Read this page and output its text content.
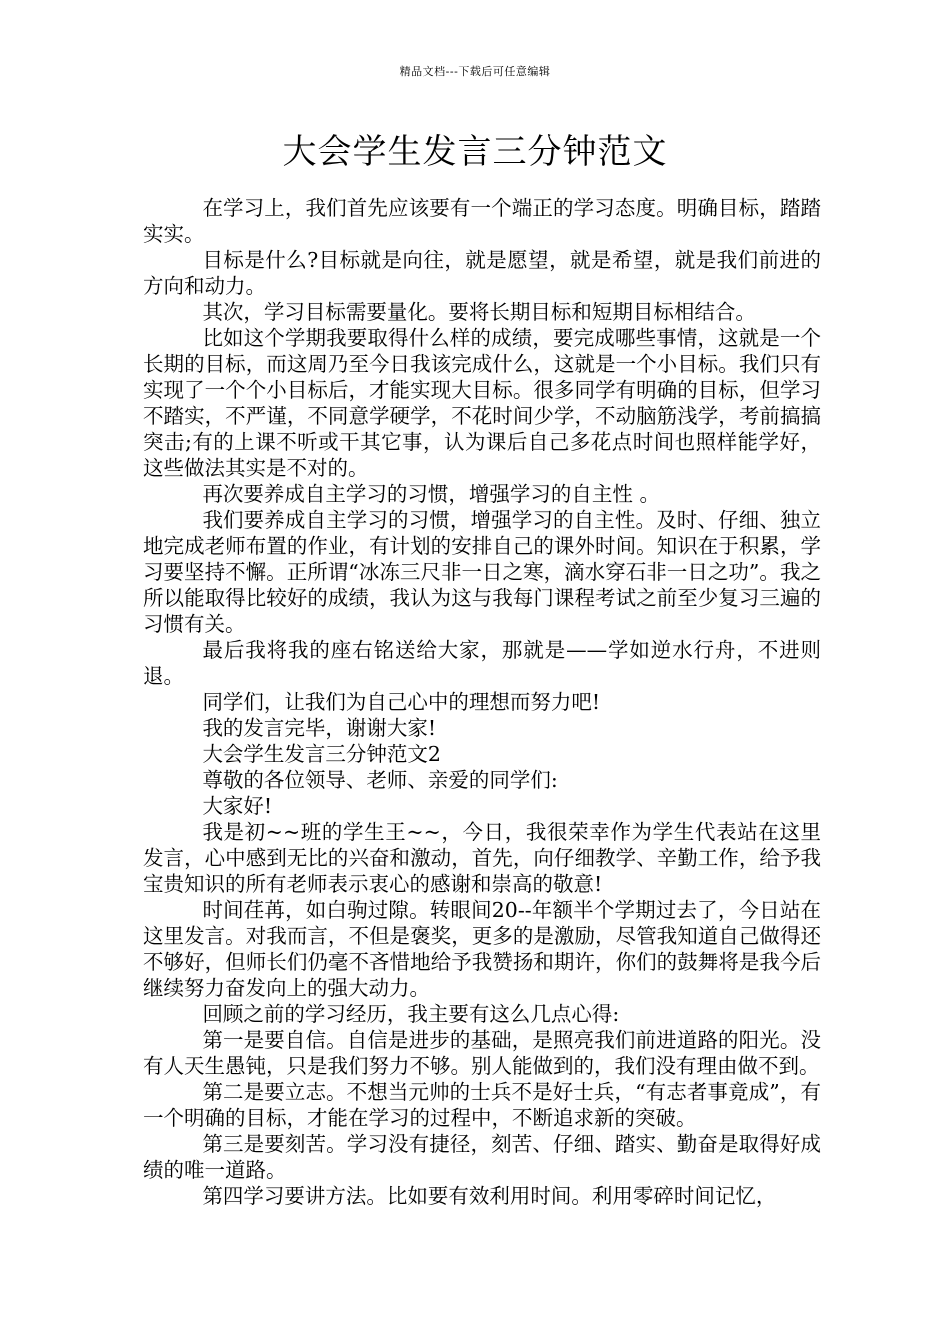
精品文档---下载后可任意编辑
大会学生发言三分钟范文

在学习上，我们首先应该要有一个端正的学习态度。明确目标，踏踏实实。

目标是什么?目标就是向往，就是愿望，就是希望，就是我们前进的方向和动力。

其次，学习目标需要量化。要将长期目标和短期目标相结合。

比如这个学期我要取得什么样的成绩，要完成哪些事情，这就是一个长期的目标，而这周乃至今日我该完成什么，这就是一个小目标。我们只有实现了一个个小目标后，才能实现大目标。很多同学有明确的目标，但学习不踏实，不严谨，不同意学硬学，不花时间少学，不动脑筋浅学，考前搞搞突击;有的上课不听或干其它事，认为课后自己多花点时间也照样能学好，这些做法其实是不对的。

再次要养成自主学习的习惯，增强学习的自主性 。

我们要养成自主学习的习惯，增强学习的自主性。及时、仔细、独立地完成老师布置的作业，有计划的安排自己的课外时间。知识在于积累，学习要坚持不懈。正所谓“冰冻三尺非一日之寒，滴水穿石非一日之功”。我之所以能取得比较好的成绩，我认为这与我每门课程考试之前至少复习三遍的习惯有关。

最后我将我的座右铭送给大家，那就是——学如逆水行舟，不进则退。

同学们，让我们为自己心中的理想而努力吧!

我的发言完毕，谢谢大家!

大会学生发言三分钟范文2

尊敬的各位领导、老师、亲爱的同学们:

大家好!

我是初~~班的学生王~~，今日，我很荣幸作为学生代表站在这里发言，心中感到无比的兴奋和激动，首先，向仔细教学、辛勤工作，给予我宝贵知识的所有老师表示衷心的感谢和崇高的敬意!

时间荏苒，如白驹过隙。转眼间20--年额半个学期过去了，今日站在这里发言。对我而言，不但是褒奖，更多的是激励，尽管我知道自己做得还不够好，但师长们仍毫不吝惜地给予我赞扬和期许，你们的鼓舞将是我今后继续努力奋发向上的强大动力。

回顾之前的学习经历，我主要有这么几点心得:

第一是要自信。自信是进步的基础，是照亮我们前进道路的阳光。没有人天生愚钝，只是我们努力不够。别人能做到的，我们没有理由做不到。

第二是要立志。不想当元帅的士兵不是好士兵，“有志者事竟成”，有一个明确的目标，才能在学习的过程中，不断追求新的突破。

第三是要刻苦。学习没有捷径，刻苦、仔细、踏实、勤奋是取得好成绩的唯一道路。

第四学习要讲方法。比如要有效利用时间。利用零碎时间记忆，
